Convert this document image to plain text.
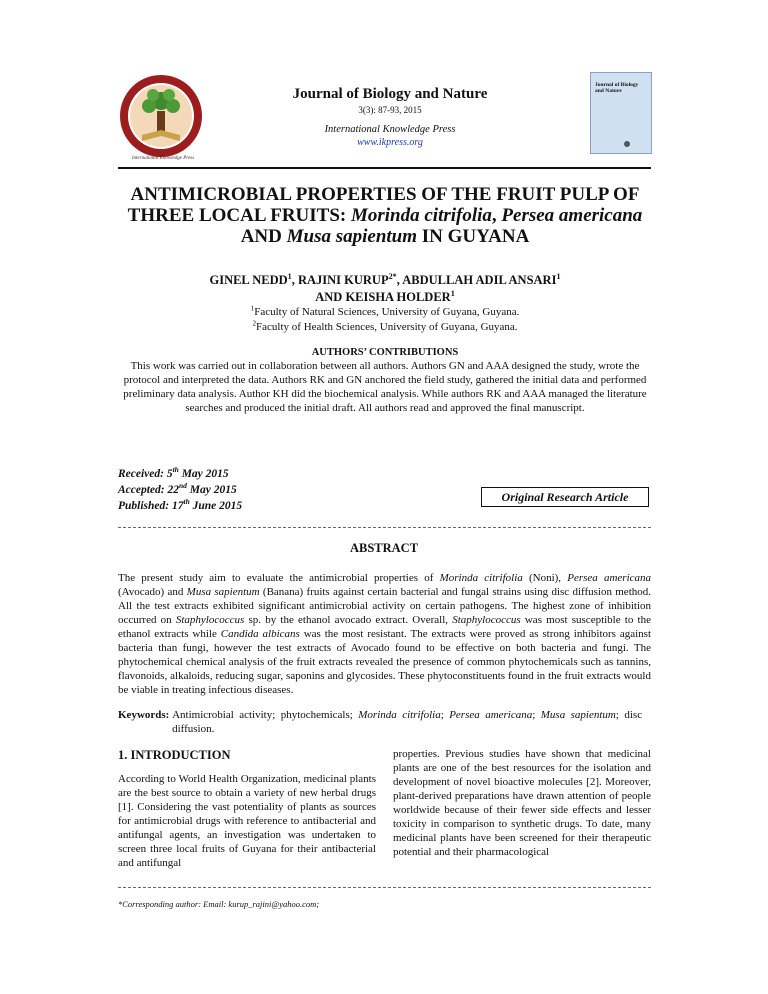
International Knowledge Press
Journal of Biology and Nature
3(3): 87-93, 2015
International Knowledge Press
www.ikpress.org
Journal of Biology and Nature
ANTIMICROBIAL PROPERTIES OF THE FRUIT PULP OF
THREE LOCAL FRUITS: Morinda citrifolia, Persea americana
AND Musa sapientum IN GUYANA
GINEL NEDD$^1$, RAJINI $KURUP^{2*}$, ABDULLAH ADIL ANSARI$^1$
AND KEISHA HOLDER$^1$
$^1$Faculty of Natural Sciences, University of Guyana, Guyana.
$^2$Faculty of Health Sciences, University of Guyana, Guyana.
AUTHORS’ CONTRIBUTIONS
This work was carried out in collaboration between all authors. Authors GN and AAA designed the study, wrote the protocol and interpreted the data. Authors RK and GN anchored the field study, gathered the initial data and performed preliminary data analysis. Author KH did the biochemical analysis. While authors RK and AAA managed the literature searches and produced the initial draft. All authors read and approved the final manuscript.
Received: 5th May 2015
Accepted: 22nd May 2015
Published: 17th June 2015
Original Research Article
ABSTRACT
The present study aim to evaluate the antimicrobial properties of Morinda citrifolia (Noni), Persea americana (Avocado) and Musa sapientum (Banana) fruits against certain bacterial and fungal strains using disc diffusion method. All the test extracts exhibited significant antimicrobial activity on certain pathogens. The highest zone of inhibition occurred on Staphylococcus sp. by the ethanol avocado extract. Overall, Staphylococcus was most susceptible to the ethanol extracts while Candida albicans was the most resistant. The extracts were proved as strong inhibitors against bacteria than fungi, however the test extracts of Avocado found to be effective on both bacteria and fungi. The phytochemical chemical analysis of the fruit extracts revealed the presence of common phytochemicals such as tannins, flavonoids, alkaloids, reducing sugar, saponins and glycosides. These phytoconstituents found in the fruit extracts would be viable in treating infectious diseases.
Keywords: Antimicrobial activity; phytochemicals; Morinda citrifolia; Persea americana; Musa sapientum; disc diffusion.
1. INTRODUCTION
According to World Health Organization, medicinal plants are the best source to obtain a variety of new herbal drugs [1]. Considering the vast potentiality of plants as sources for antimicrobial drugs with reference to antibacterial and antifungal agents, an investigation was undertaken to screen three local fruits of Guyana for their antibacterial and antifungal
properties. Previous studies have shown that medicinal plants are one of the best resources for the isolation and development of novel bioactive molecules [2]. Moreover, plant-derived preparations have drawn attention of people worldwide because of their fewer side effects and lesser toxicity in comparison to synthetic drugs. To date, many medicinal plants have been screened for their therapeutic potential and their pharmacological
*Corresponding author: Email: kurup_rajini@yahoo.com;
